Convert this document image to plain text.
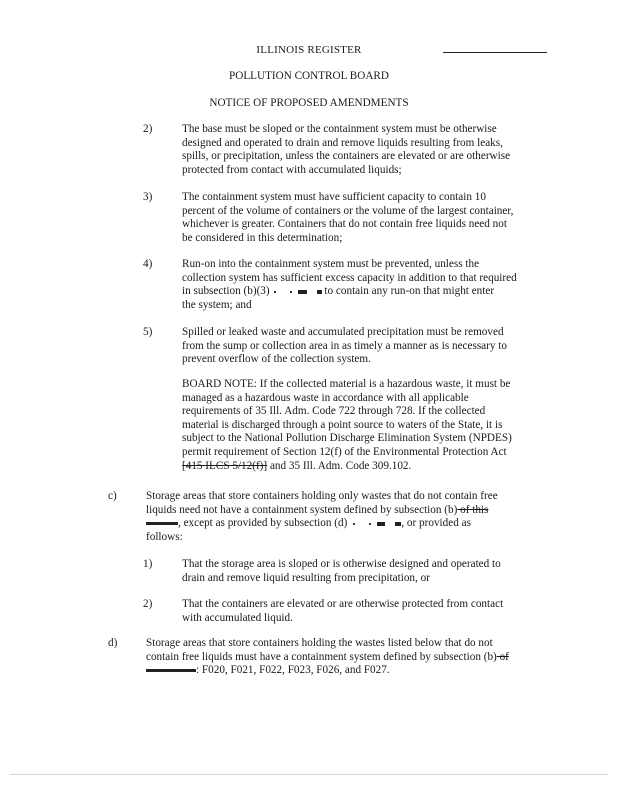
ILLINOIS REGISTER
POLLUTION CONTROL BOARD
NOTICE OF PROPOSED AMENDMENTS
2)	The base must be sloped or the containment system must be otherwise
designed and operated to drain and remove liquids resulting from leaks,
spills, or precipitation, unless the containers are elevated or are otherwise
protected from contact with accumulated liquids;
3)	The containment system must have sufficient capacity to contain 10
percent of the volume of containers or the volume of the largest container,
whichever is greater. Containers that do not contain free liquids need not
be considered in this determination;
4)	Run-on into the containment system must be prevented, unless the
collection system has sufficient excess capacity in addition to that required
in subsection (b)(3)	to contain any run-on that might enter
the system; and
5)	Spilled or leaked waste and accumulated precipitation must be removed
from the sump or collection area in as timely a manner as is necessary to
prevent overflow of the collection system.
BOARD NOTE: If the collected material is a hazardous waste, it must be
managed as a hazardous waste in accordance with all applicable
requirements of 35 Ill. Adm. Code 722 through 728. If the collected
material is discharged through a point source to waters of the State, it is
subject to the National Pollution Discharge Elimination System (NPDES)
permit requirement of Section 12(f) of the Environmental Protection Act
[415 ILCS 5/12(f)] and 35 Ill. Adm. Code 309.102.
c)	Storage areas that store containers holding only wastes that do not contain free
liquids need not have a containment system defined by subsection (b) of this
, except as provided by subsection (d)	, or provided as
follows:
1)	That the storage area is sloped or is otherwise designed and operated to
drain and remove liquid resulting from precipitation, or
2)	That the containers are elevated or are otherwise protected from contact
with accumulated liquid.
d)	Storage areas that store containers holding the wastes listed below that do not
contain free liquids must have a containment system defined by subsection (b) of
: F020, F021, F022, F023, F026, and F027.
